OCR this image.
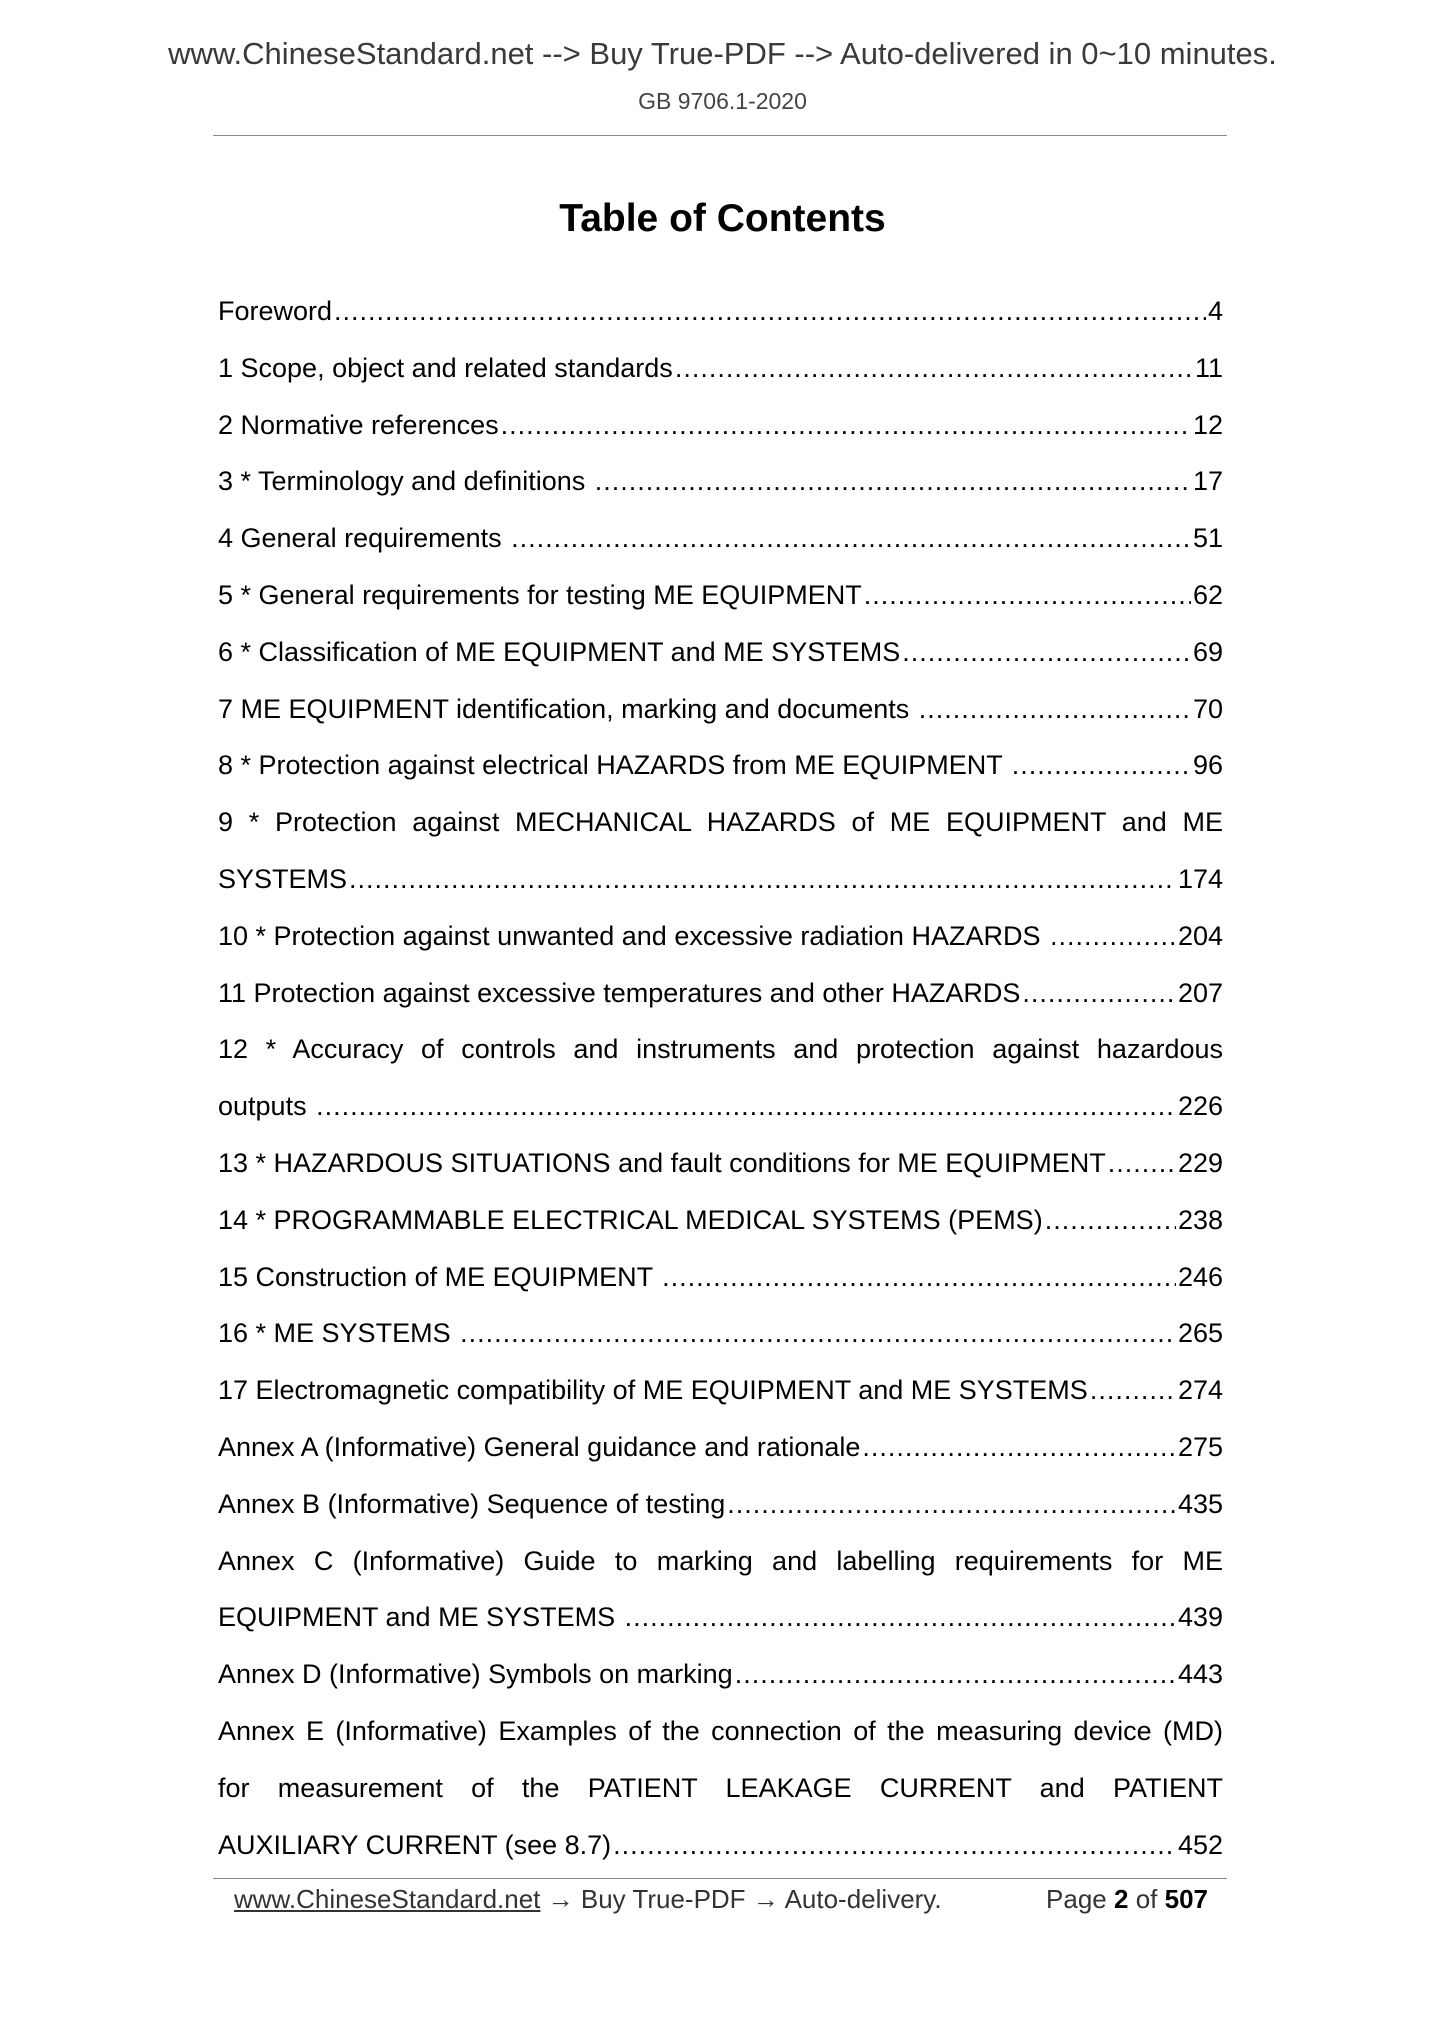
www.ChineseStandard.net --> Buy True-PDF --> Auto-delivered in 0~10 minutes.
GB 9706.1-2020
Table of Contents
Foreword .....	4
1 Scope, object and related standards .....	11
2 Normative references .....	12
3 * Terminology and definitions .....	17
4 General requirements .....	51
5 * General requirements for testing ME EQUIPMENT .....	62
6 * Classification of ME EQUIPMENT and ME SYSTEMS .....	69
7 ME EQUIPMENT identification, marking and documents .....	70
8 * Protection against electrical HAZARDS from ME EQUIPMENT .....	96
9 * Protection against MECHANICAL HAZARDS of ME EQUIPMENT and ME
SYSTEMS .....	174
10 * Protection against unwanted and excessive radiation HAZARDS .....	204
11 Protection against excessive temperatures and other HAZARDS .....	207
12 * Accuracy of controls and instruments and protection against hazardous
outputs .....	226
13 * HAZARDOUS SITUATIONS and fault conditions for ME EQUIPMENT .....	229
14 * PROGRAMMABLE ELECTRICAL MEDICAL SYSTEMS (PEMS) .....	238
15 Construction of ME EQUIPMENT .....	246
16 * ME SYSTEMS .....	265
17 Electromagnetic compatibility of ME EQUIPMENT and ME SYSTEMS .....	274
Annex A (Informative) General guidance and rationale .....	275
Annex B (Informative) Sequence of testing .....	435
Annex C (Informative) Guide to marking and labelling requirements for ME
EQUIPMENT and ME SYSTEMS .....	439
Annex D (Informative) Symbols on marking .....	443
Annex E (Informative) Examples of the connection of the measuring device (MD)
for measurement of the PATIENT LEAKAGE CURRENT and PATIENT
AUXILIARY CURRENT (see 8.7) .....	452
www.ChineseStandard.net → Buy True-PDF → Auto-delivery.	Page 2 of 507
